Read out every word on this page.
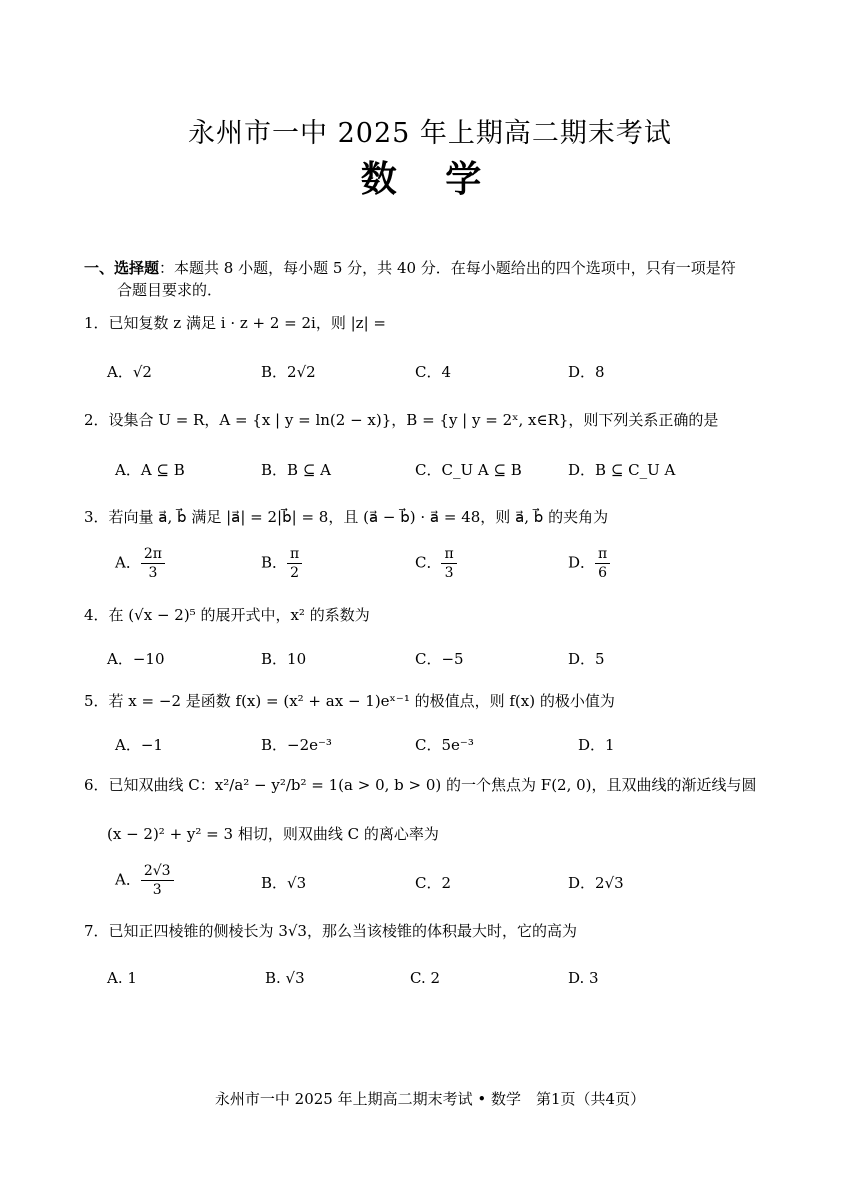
永州市一中 2025 年上期高二期末考试
数 学
一、选择题：本题共 8 小题，每小题 5 分，共 40 分．在每小题给出的四个选项中，只有一项是符
合题目要求的．
1．已知复数 z 满足 i · z + 2 = 2i，则 |z| =
A．√2	B．2√2	C．4	D．8
2．设集合 U = R，A = {x | y = ln(2 − x)}，B = {y | y = 2ˣ, x∈R}，则下列关系正确的是
A．A ⊆ B	B．B ⊆ A	C．C_U A ⊆ B	D．B ⊆ C_U A
3．若向量 a⃗, b⃗ 满足 |a⃗| = 2|b⃗| = 8，且 (a⃗ − b⃗) · a⃗ = 48，则 a⃗, b⃗ 的夹角为
A． $\frac{2\pi}{3}$	B． $\frac{\pi}{2}$	C． $\frac{\pi}{3}$	D． $\frac{\pi}{6}$
4．在 (√x − 2)⁵ 的展开式中，x² 的系数为
A．−10	B．10	C．−5	D．5
5．若 x = −2 是函数 f(x) = (x² + ax − 1)eˣ⁻¹ 的极值点，则 f(x) 的极小值为
A．−1	B．−2e⁻³	C．5e⁻³	D．1
6．已知双曲线 C：x²/a² − y²/b² = 1(a > 0, b > 0) 的一个焦点为 F(2, 0)，且双曲线的渐近线与圆
(x − 2)² + y² = 3 相切，则双曲线 C 的离心率为
A． $\frac{2√3}{3}$	B．√3	C．2	D．2√3
7．已知正四棱锥的侧棱长为 3√3，那么当该棱锥的体积最大时，它的高为
A. 1	B. √3	C. 2	D. 3
永州市一中 2025 年上期高二期末考试 • 数学　第1页（共4页）
